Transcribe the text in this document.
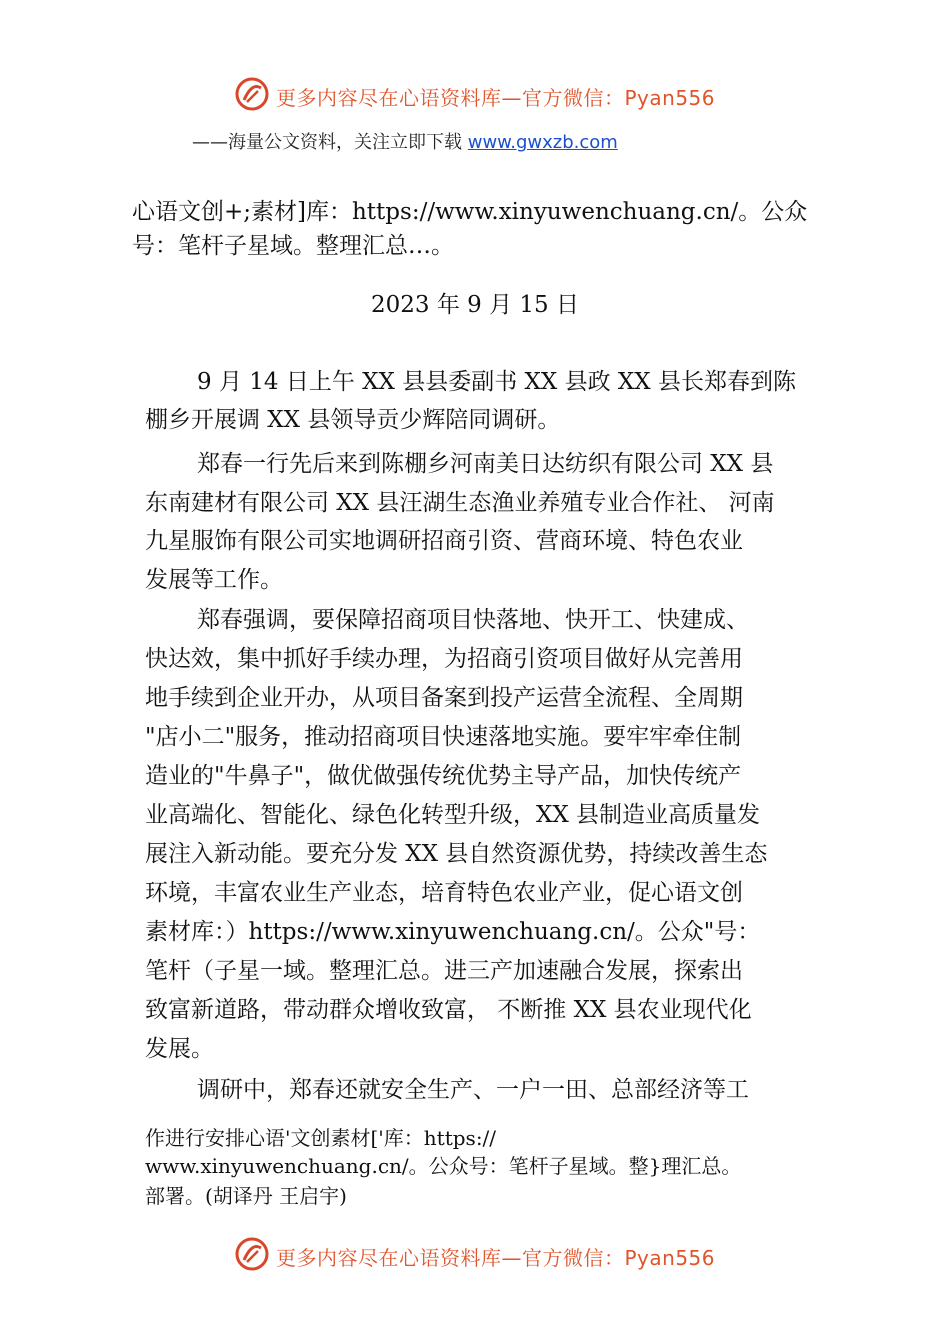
更多内容尽在心语资料库—官方微信：Pyan556
——海量公文资料，关注立即下载 www.gwxzb.com
心语文创+;素材]库：https://www.xinyuwenchuang.cn/。公众
号：笔杆子星域。整理汇总…。
2023 年 9 月 15 日
9 月 14 日上午 XX 县县委副书 XX 县政 XX 县长郑春到陈
棚乡开展调 XX 县领导贡少辉陪同调研。
郑春一行先后来到陈棚乡河南美日达纺织有限公司 XX 县
东南建材有限公司 XX 县汪湖生态渔业养殖专业合作社、 河南
九星服饰有限公司实地调研招商引资、营商环境、特色农业
发展等工作。
郑春强调，要保障招商项目快落地、快开工、快建成、
快达效，集中抓好手续办理，为招商引资项目做好从完善用
地手续到企业开办，从项目备案到投产运营全流程、全周期
"店小二"服务，推动招商项目快速落地实施。要牢牢牵住制
造业的"牛鼻子"，做优做强传统优势主导产品，加快传统产
业高端化、智能化、绿色化转型升级，XX 县制造业高质量发
展注入新动能。要充分发 XX 县自然资源优势，持续改善生态
环境，丰富农业生产业态，培育特色农业产业，促心语文创
素材库：）https://www.xinyuwenchuang.cn/。公众"号：
笔杆（子星一域。整理汇总。进三产加速融合发展，探索出
致富新道路，带动群众增收致富， 不断推 XX 县农业现代化
发展。
调研中，郑春还就安全生产、一户一田、总部经济等工
作进行安排心语'文创素材['库：https://
www.xinyuwenchuang.cn/。公众号：笔杆子星域。整}理汇总。
部署。(胡译丹 王启宇)
更多内容尽在心语资料库—官方微信：Pyan556
